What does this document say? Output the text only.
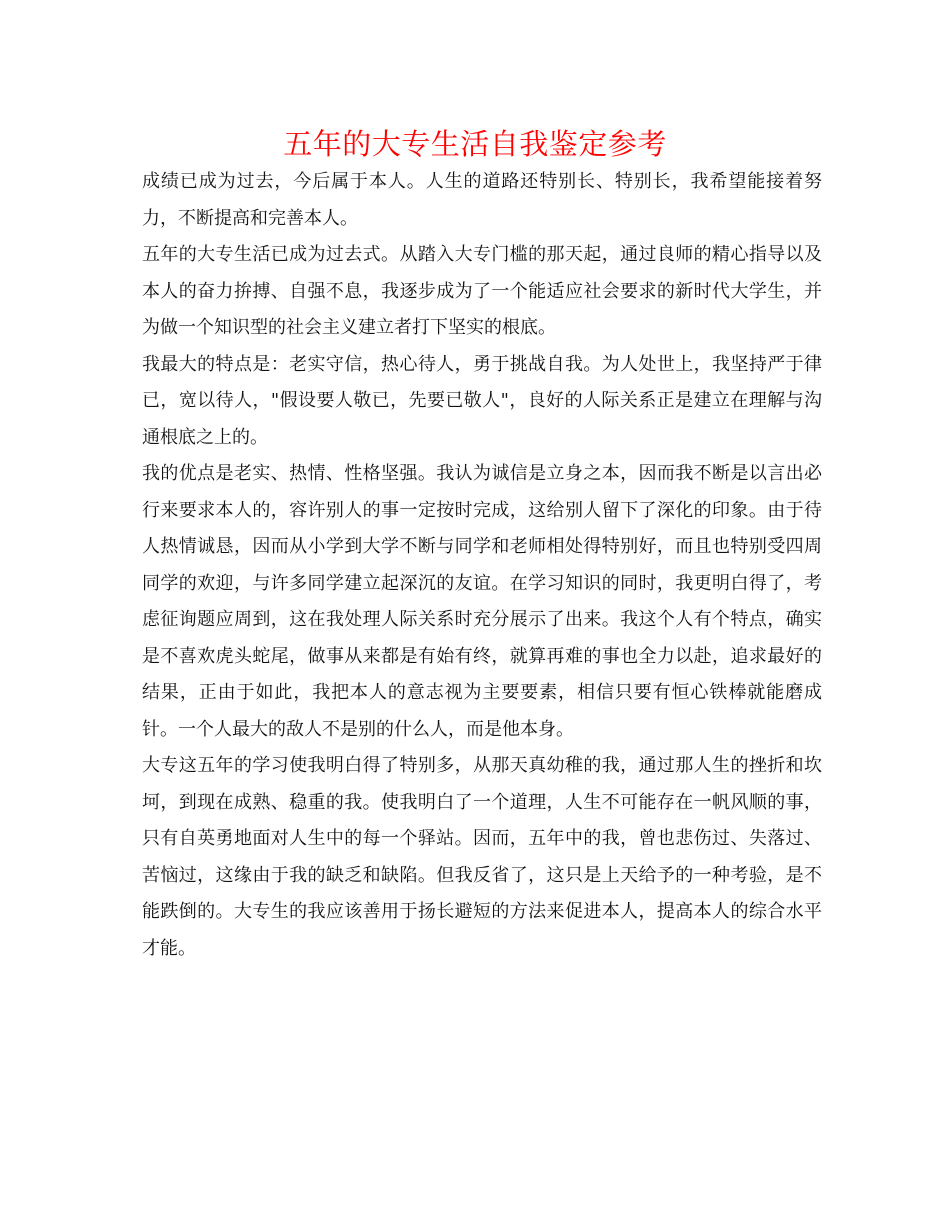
五年的大专生活自我鉴定参考

成绩已成为过去，今后属于本人。人生的道路还特别长、特别长，我希望能接着努力，不断提高和完善本人。

五年的大专生活已成为过去式。从踏入大专门槛的那天起，通过良师的精心指导以及本人的奋力拚搏、自强不息，我逐步成为了一个能适应社会要求的新时代大学生，并为做一个知识型的社会主义建立者打下坚实的根底。

我最大的特点是：老实守信，热心待人，勇于挑战自我。为人处世上，我坚持严于律已，宽以待人，"假设要人敬已，先要已敬人"，良好的人际关系正是建立在理解与沟通根底之上的。

我的优点是老实、热情、性格坚强。我认为诚信是立身之本，因而我不断是以言出必行来要求本人的，容许别人的事一定按时完成，这给别人留下了深化的印象。由于待人热情诚恳，因而从小学到大学不断与同学和老师相处得特别好，而且也特别受四周同学的欢迎，与许多同学建立起深沉的友谊。在学习知识的同时，我更明白得了，考虑征询题应周到，这在我处理人际关系时充分展示了出来。我这个人有个特点，确实是不喜欢虎头蛇尾，做事从来都是有始有终，就算再难的事也全力以赴，追求最好的结果，正由于如此，我把本人的意志视为主要要素，相信只要有恒心铁棒就能磨成针。一个人最大的敌人不是别的什么人，而是他本身。

大专这五年的学习使我明白得了特别多，从那天真幼稚的我，通过那人生的挫折和坎坷，到现在成熟、稳重的我。使我明白了一个道理，人生不可能存在一帆风顺的事，只有自英勇地面对人生中的每一个驿站。因而，五年中的我，曾也悲伤过、失落过、苦恼过，这缘由于我的缺乏和缺陷。但我反省了，这只是上天给予的一种考验，是不能跌倒的。大专生的我应该善用于扬长避短的方法来促进本人，提高本人的综合水平才能。
